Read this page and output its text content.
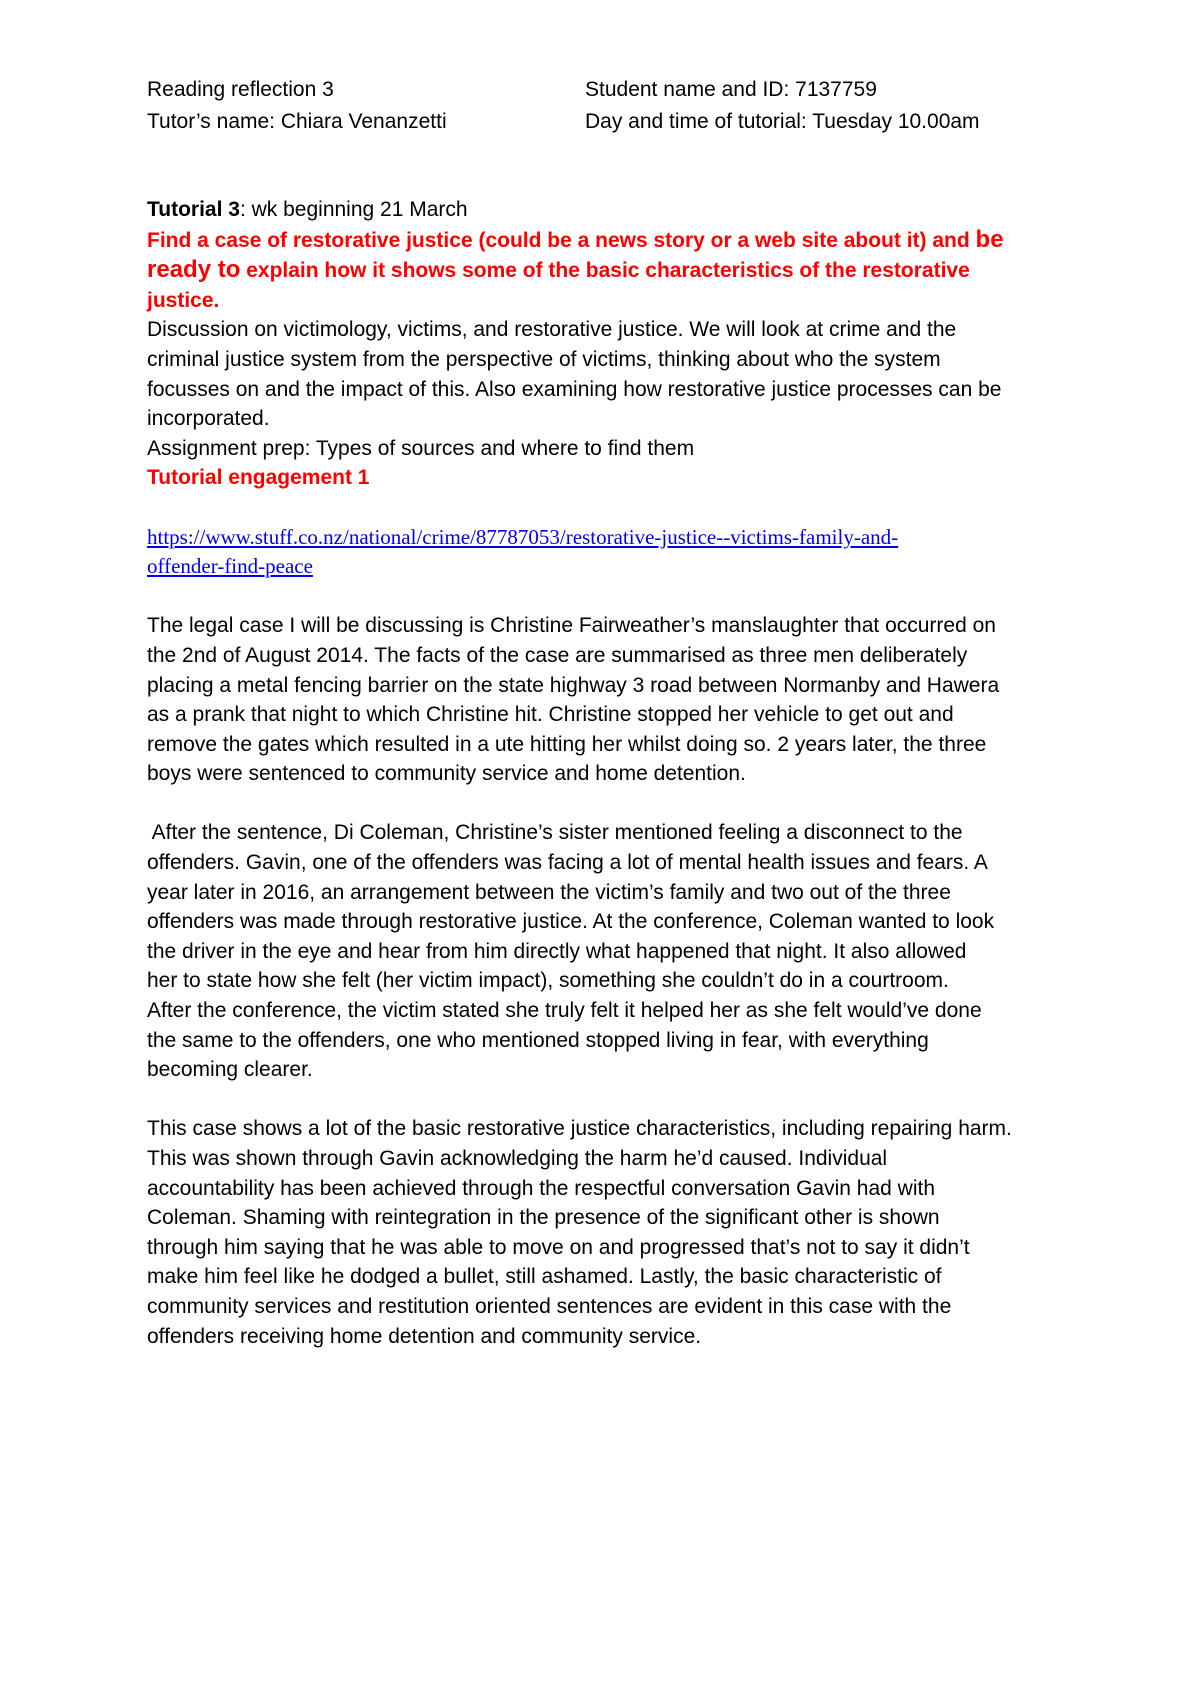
Reading reflection 3	Student name and ID: 7137759
Tutor’s name: Chiara Venanzetti	Day and time of tutorial: Tuesday 10.00am
Tutorial 3: wk beginning 21 March
Find a case of restorative justice (could be a news story or a web site about it) and be
ready to explain how it shows some of the basic characteristics of the restorative
justice.
Discussion on victimology, victims, and restorative justice. We will look at crime and the
criminal justice system from the perspective of victims, thinking about who the system
focusses on and the impact of this. Also examining how restorative justice processes can be
incorporated.
Assignment prep: Types of sources and where to find them
Tutorial engagement 1
https://www.stuff.co.nz/national/crime/87787053/restorative-justice--victims-family-and-
offender-find-peace
The legal case I will be discussing is Christine Fairweather’s manslaughter that occurred on
the 2nd of August 2014. The facts of the case are summarised as three men deliberately
placing a metal fencing barrier on the state highway 3 road between Normanby and Hawera
as a prank that night to which Christine hit. Christine stopped her vehicle to get out and
remove the gates which resulted in a ute hitting her whilst doing so. 2 years later, the three
boys were sentenced to community service and home detention.
After the sentence, Di Coleman, Christine’s sister mentioned feeling a disconnect to the
offenders. Gavin, one of the offenders was facing a lot of mental health issues and fears. A
year later in 2016, an arrangement between the victim’s family and two out of the three
offenders was made through restorative justice. At the conference, Coleman wanted to look
the driver in the eye and hear from him directly what happened that night. It also allowed
her to state how she felt (her victim impact), something she couldn’t do in a courtroom.
After the conference, the victim stated she truly felt it helped her as she felt would’ve done
the same to the offenders, one who mentioned stopped living in fear, with everything
becoming clearer.
This case shows a lot of the basic restorative justice characteristics, including repairing harm.
This was shown through Gavin acknowledging the harm he’d caused. Individual
accountability has been achieved through the respectful conversation Gavin had with
Coleman. Shaming with reintegration in the presence of the significant other is shown
through him saying that he was able to move on and progressed that’s not to say it didn’t
make him feel like he dodged a bullet, still ashamed. Lastly, the basic characteristic of
community services and restitution oriented sentences are evident in this case with the
offenders receiving home detention and community service.
